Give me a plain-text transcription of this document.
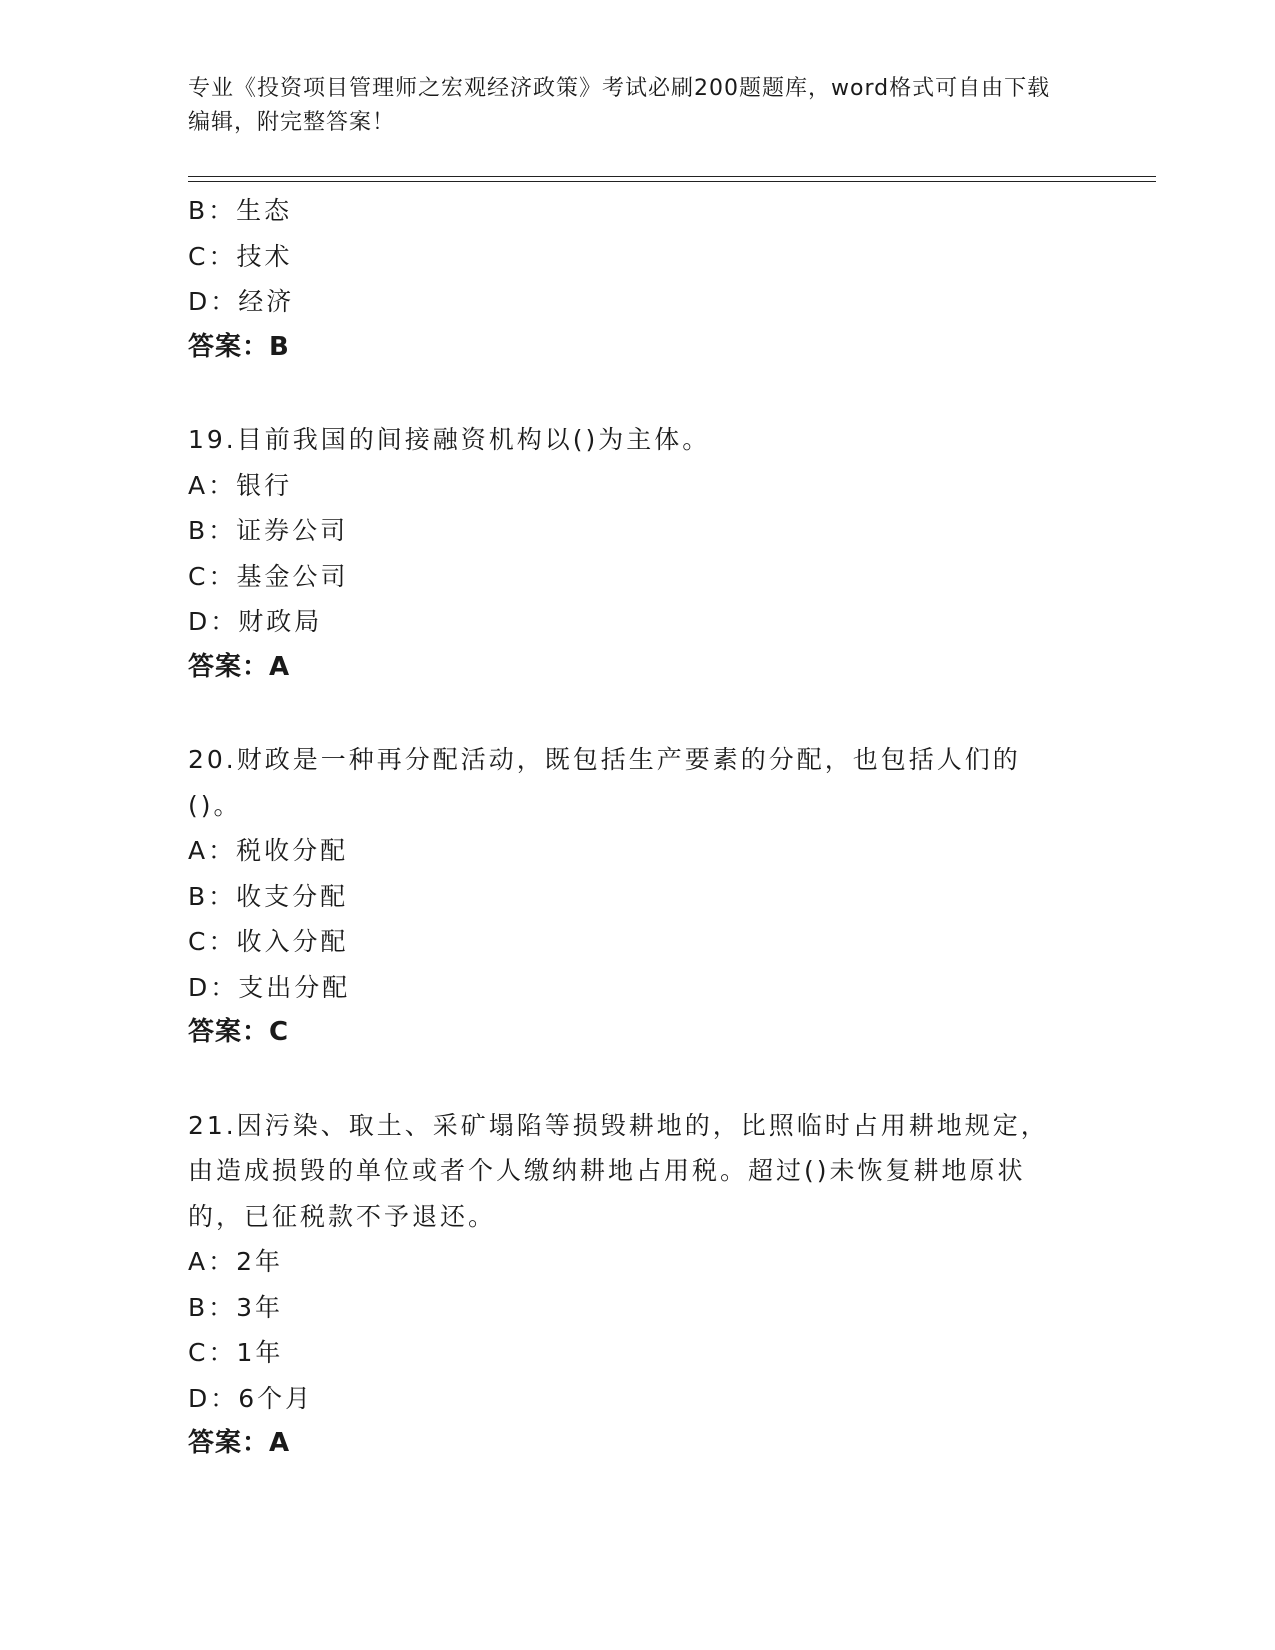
专业《投资项目管理师之宏观经济政策》考试必刷200题题库，word格式可自由下载编辑，附完整答案！
B：生态
C：技术
D：经济
答案：B
19.目前我国的间接融资机构以()为主体。
A：银行
B：证券公司
C：基金公司
D：财政局
答案：A
20.财政是一种再分配活动，既包括生产要素的分配，也包括人们的()。
A：税收分配
B：收支分配
C：收入分配
D：支出分配
答案：C
21.因污染、取土、采矿塌陷等损毁耕地的，比照临时占用耕地规定，由造成损毁的单位或者个人缴纳耕地占用税。超过()未恢复耕地原状的，已征税款不予退还。
A：2年
B：3年
C：1年
D：6个月
答案：A
